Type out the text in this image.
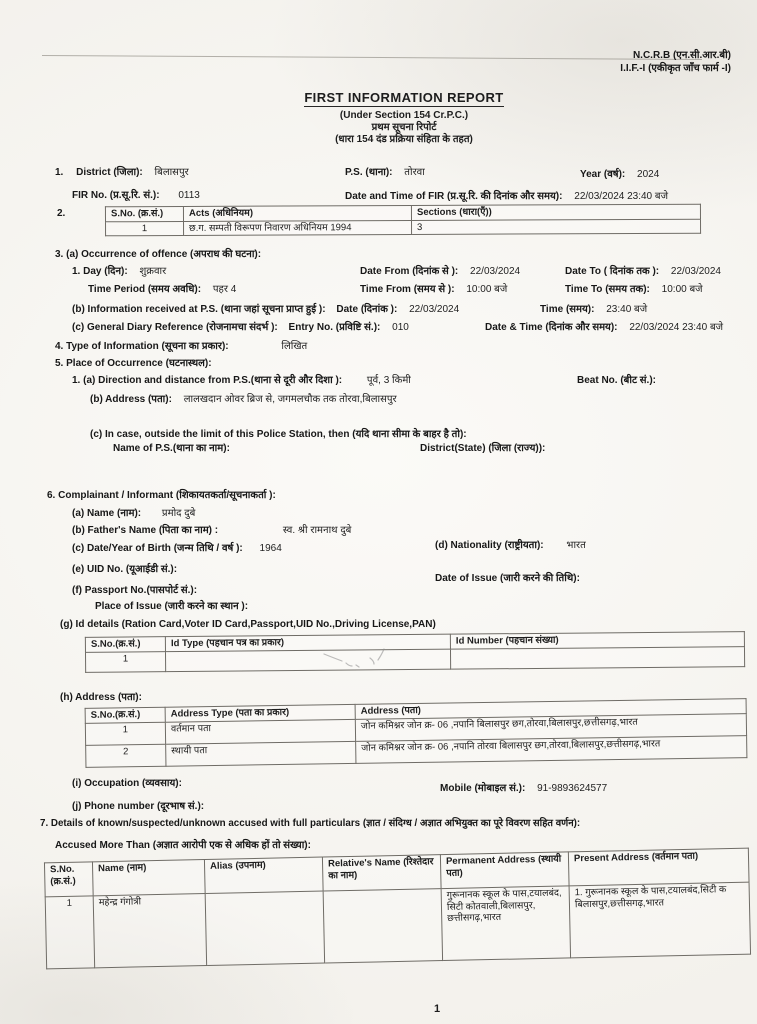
N.C.R.B (एन.सी.आर.बी)
I.I.F.-I (एकीकृत जाँच फार्म -I)
FIRST INFORMATION REPORT
(Under Section 154 Cr.P.C.)
प्रथम सूचना रिपोर्ट
(धारा 154 दंड प्रक्रिया संहिता के तहत)
1. District (जिला): बिलासपुर	P.S. (थाना): तोरवा	Year (वर्ष): 2024
FIR No. (प्र.सू.रि. सं.): 0113	Date and Time of FIR (प्र.सू.रि. की दिनांक और समय): 22/03/2024 23:40 बजे
2.	S.No. (क्र.सं.)	Acts (अधिनियम)	Sections (धारा(एँ))
1	छ.ग. सम्पती विरूपण निवारण अधिनियम 1994	3
3. (a) Occurrence of offence (अपराध की घटना):
1. Day (दिन): शुक्रवार	Date From (दिनांक से ): 22/03/2024	Date To ( दिनांक तक ): 22/03/2024
Time Period (समय अवधि): पहर 4	Time From (समय से ): 10:00 बजे	Time To (समय तक): 10:00 बजे
(b) Information received at P.S. (थाना जहां सूचना प्राप्त हुई ): Date (दिनांक ): 22/03/2024	Time (समय): 23:40 बजे
(c) General Diary Reference (रोजनामचा संदर्भ ): Entry No. (प्रविष्टि सं.): 010	Date & Time (दिनांक और समय): 22/03/2024 23:40 बजे
4. Type of Information (सूचना का प्रकार):	लिखित
5. Place of Occurrence (घटनास्थल):
1. (a) Direction and distance from P.S.(थाना से दूरी और दिशा ): पूर्व, 3 किमी	Beat No. (बीट सं.):
(b) Address (पता): लालखदान ओवर ब्रिज से, जगमलचौक तक तोरवा,बिलासपुर
(c) In case, outside the limit of this Police Station, then (यदि थाना सीमा के बाहर है तो):
Name of P.S.(थाना का नाम):	District(State) (जिला (राज्य)):
6. Complainant / Informant (शिकायतकर्ता/सूचनाकर्ता ):
(a) Name (नाम): प्रमोद दुबे
(b) Father's Name (पिता का नाम) :	स्व. श्री रामनाथ दुबे
(c) Date/Year of Birth (जन्म तिथि / वर्ष ): 1964	(d) Nationality (राष्ट्रीयता): भारत
(e) UID No. (यूआईडी सं.):
Date of Issue (जारी करने की तिथि):
(f) Passport No.(पासपोर्ट सं.):
Place of Issue (जारी करने का स्थान ):
(g) Id details (Ration Card,Voter ID Card,Passport,UID No.,Driving License,PAN)
S.No.(क्र.सं.)	Id Type (पहचान पत्र का प्रकार)	Id Number (पहचान संख्या)
1		
(h) Address (पता):
S.No.(क्र.सं.)	Address Type (पता का प्रकार)	Address (पता)
1	वर्तमान पता	जोन कमिश्नर जोन क्र- 06 ,नपानि बिलासपुर छग,तोरवा,बिलासपुर,छत्तीसगढ़,भारत
2	स्थायी पता	जोन कमिश्नर जोन क्र- 06 ,नपानि तोरवा बिलासपुर छग,तोरवा,बिलासपुर,छत्तीसगढ़,भारत
(i) Occupation (व्यवसाय):	Mobile (मोबाइल सं.): 91-9893624577
(j) Phone number (दूरभाष सं.):
7. Details of known/suspected/unknown accused with full particulars (ज्ञात / संदिग्ध / अज्ञात अभियुक्त का पूरे विवरण सहित वर्णन):
Accused More Than (अज्ञात आरोपी एक से अधिक हों तो संख्या):
S.No. (क्र.सं.)	Name (नाम)	Alias (उपनाम)	Relative's Name (रिश्तेदार का नाम)	Permanent Address (स्थायी पता)	Present Address (वर्तमान पता)
1	महेन्द्र गंगोत्री			गुरूनानक स्कूल के पास,टयालबंद, सिटी कोतवाली,बिलासपुर, छत्तीसगढ़,भारत	1. गुरूनानक स्कूल के पास,टयालबंद,सिटी क बिलासपुर,छत्तीसगढ़,भारत
1
